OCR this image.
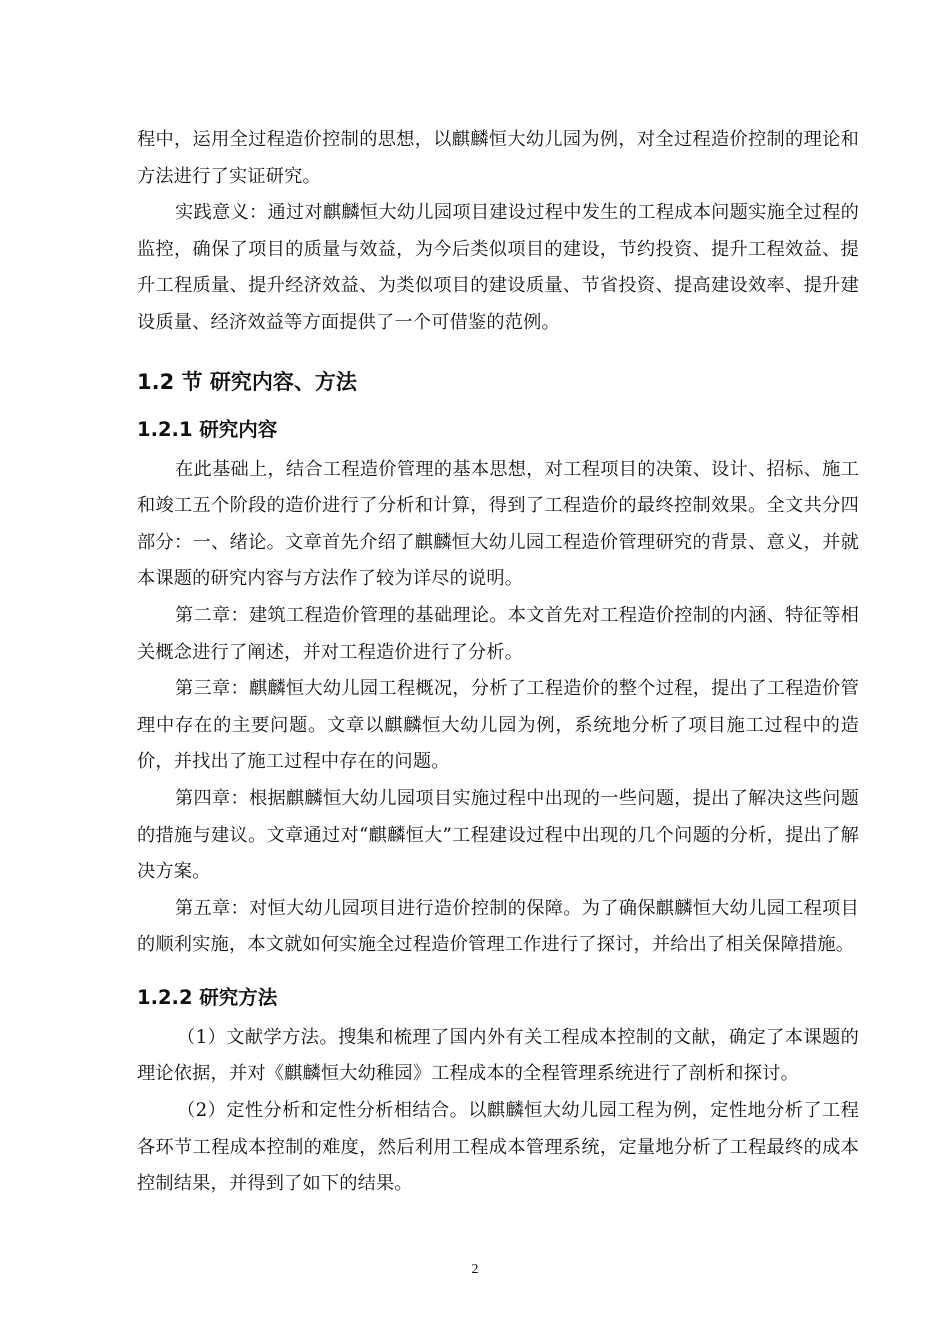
程中，运用全过程造价控制的思想，以麒麟恒大幼儿园为例，对全过程造价控制的理论和方法进行了实证研究。

实践意义：通过对麒麟恒大幼儿园项目建设过程中发生的工程成本问题实施全过程的监控，确保了项目的质量与效益，为今后类似项目的建设，节约投资、提升工程效益、提升工程质量、提升经济效益、为类似项目的建设质量、节省投资、提高建设效率、提升建设质量、经济效益等方面提供了一个可借鉴的范例。

1.2 节 研究内容、方法
1.2.1 研究内容

在此基础上，结合工程造价管理的基本思想，对工程项目的决策、设计、招标、施工和竣工五个阶段的造价进行了分析和计算，得到了工程造价的最终控制效果。全文共分四部分：一、绪论。文章首先介绍了麒麟恒大幼儿园工程造价管理研究的背景、意义，并就本课题的研究内容与方法作了较为详尽的说明。

第二章：建筑工程造价管理的基础理论。本文首先对工程造价控制的内涵、特征等相关概念进行了阐述，并对工程造价进行了分析。

第三章：麒麟恒大幼儿园工程概况，分析了工程造价的整个过程，提出了工程造价管理中存在的主要问题。文章以麒麟恒大幼儿园为例，系统地分析了项目施工过程中的造价，并找出了施工过程中存在的问题。

第四章：根据麒麟恒大幼儿园项目实施过程中出现的一些问题，提出了解决这些问题的措施与建议。文章通过对“麒麟恒大”工程建设过程中出现的几个问题的分析，提出了解决方案。

第五章：对恒大幼儿园项目进行造价控制的保障。为了确保麒麟恒大幼儿园工程项目的顺利实施，本文就如何实施全过程造价管理工作进行了探讨，并给出了相关保障措施。

1.2.2 研究方法

（1）文献学方法。搜集和梳理了国内外有关工程成本控制的文献，确定了本课题的理论依据，并对《麒麟恒大幼稚园》工程成本的全程管理系统进行了剖析和探讨。

（2）定性分析和定性分析相结合。以麒麟恒大幼儿园工程为例，定性地分析了工程各环节工程成本控制的难度，然后利用工程成本管理系统，定量地分析了工程最终的成本控制结果，并得到了如下的结果。

2
